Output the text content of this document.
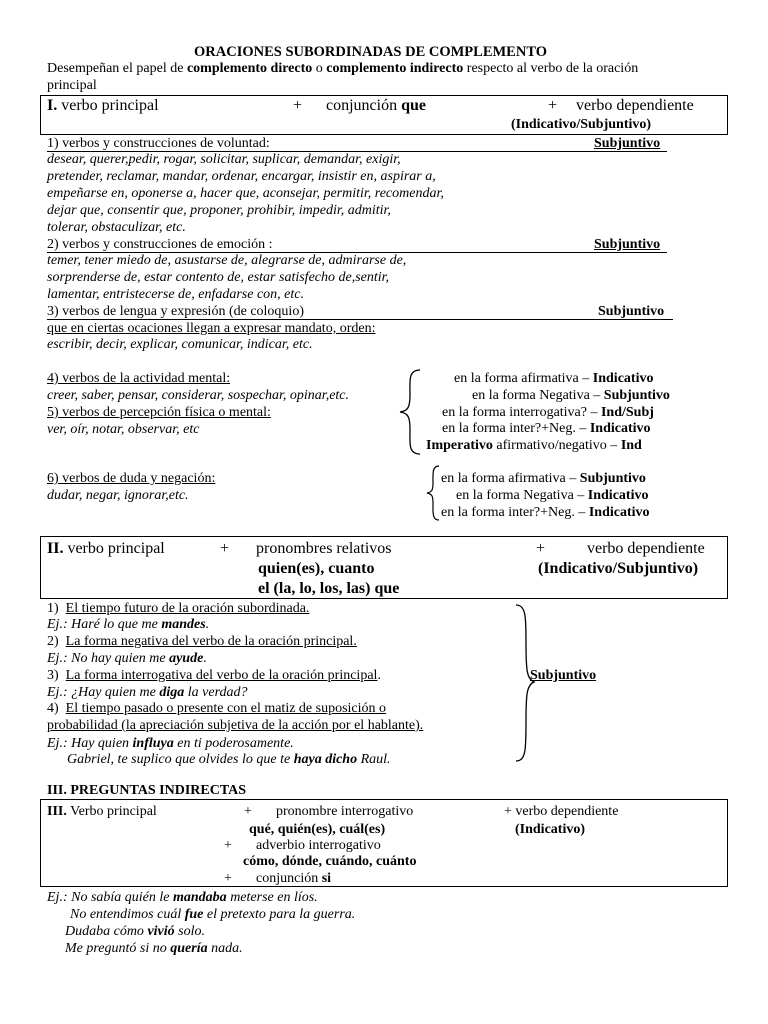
ORACIONES SUBORDINADAS DE COMPLEMENTO
Desempeñan el papel de complemento directo o complemento indirecto respecto al verbo de la oración
principal
I. verbo principal	+ conjunción que	+ verbo dependiente
(Indicativo/Subjuntivo)
1) verbos y construcciones de voluntad:	Subjuntivo
desear, querer,pedir, rogar, solicitar, suplicar, demandar, exigir,
pretender, reclamar, mandar, ordenar, encargar, insistir en, aspirar a,
empeñarse en, oponerse a, hacer que, aconsejar, permitir, recomendar,
dejar que, consentir que, proponer, prohibir, impedir, admitir,
tolerar, obstaculizar, etc.
2) verbos y construcciones de emoción :	Subjuntivo
temer, tener miedo de, asustarse de, alegrarse de, admirarse de,
sorprenderse de, estar contento de, estar satisfecho de,sentir,
lamentar, entristecerse de, enfadarse con, etc.
3) verbos de lengua y expresión (de coloquio)	Subjuntivo
que en ciertas ocaciones llegan a expresar mandato, orden:
escribir, decir, explicar, comunicar, indicar, etc.
4) verbos de la actividad mental:
creer, saber, pensar, considerar, sospechar, opinar,etc.
5) verbos de percepción física o mental:
ver, oír, notar, observar, etc
en la forma afirmativa – Indicativo
en la forma Negativa – Subjuntivo
en la forma interrogativa? – Ind/Subj
en la forma inter?+Neg. – Indicativo
Imperativo afirmativo/negativo – Ind
6) verbos de duda y negación:
dudar, negar, ignorar,etc.
en la forma afirmativa – Subjuntivo
en la forma Negativa – Indicativo
en la forma inter?+Neg. – Indicativo
II. verbo principal	+ pronombres relativos	+	verbo dependiente
quien(es), cuanto	(Indicativo/Subjuntivo)
el (la, lo, los, las) que
1) El tiempo futuro de la oración subordinada.
Ej.: Haré lo que me mandes.
2) La forma negativa del verbo de la oración principal.
Ej.: No hay quien me ayude.
3) La forma interrogativa del verbo de la oración principal.
Ej.: ¿Hay quien me diga la verdad?
4) El tiempo pasado o presente con el matiz de suposición o
probabilidad (la apreciación subjetiva de la acción por el hablante).
Ej.: Hay quien influya en ti poderosamente.
Gabriel, te suplico que olvides lo que te haya dicho Raul.
Subjuntivo
III. PREGUNTAS INDIRECTAS
III. Verbo principal	+ pronombre interrogativo	+ verbo dependiente
qué, quién(es), cuál(es)	(Indicativo)
+ adverbio interrogativo
cómo, dónde, cuándo, cuánto
+ conjunción si
Ej.: No sabía quién le mandaba meterse en líos.
No entendimos cuál fue el pretexto para la guerra.
Dudaba cómo vivió solo.
Me preguntó si no quería nada.
